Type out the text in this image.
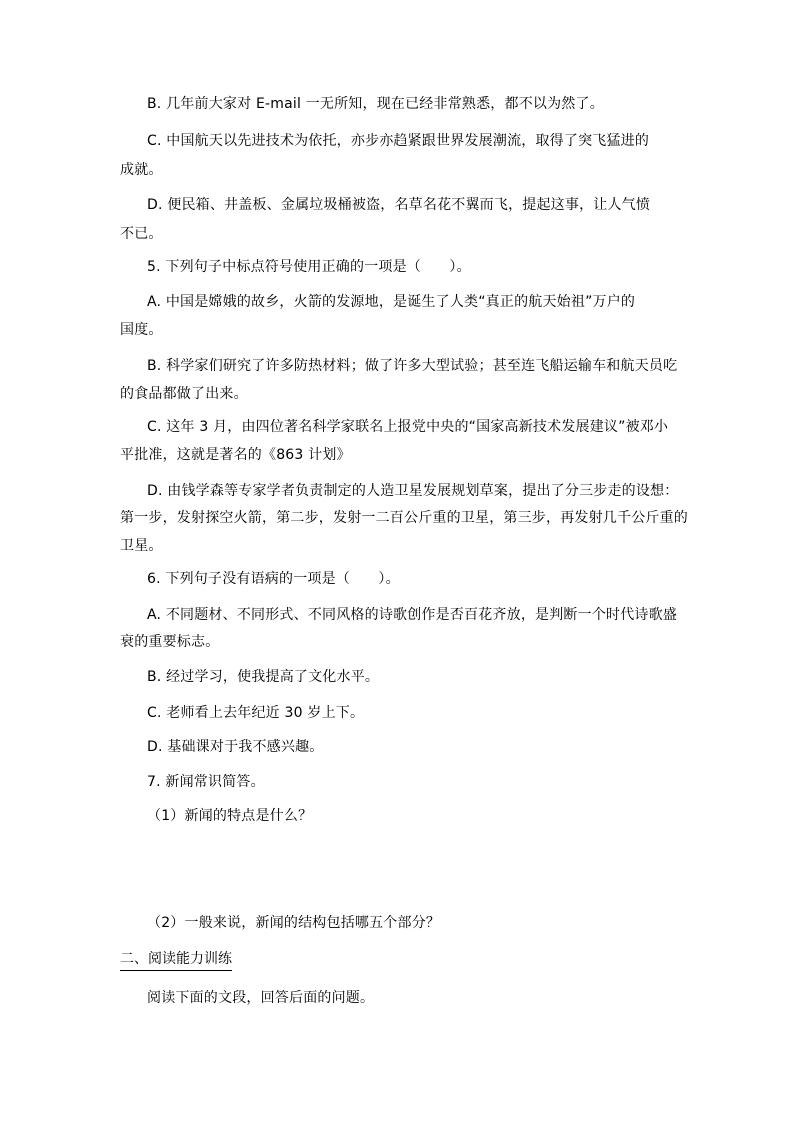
B. 几年前大家对 E-mail 一无所知，现在已经非常熟悉，都不以为然了。
C. 中国航天以先进技术为依托，亦步亦趋紧跟世界发展潮流，取得了突飞猛进的
成就。
D. 便民箱、井盖板、金属垃圾桶被盗，名草名花不翼而飞，提起这事，让人气愤
不已。
5. 下列句子中标点符号使用正确的一项是（　　）。
A. 中国是嫦娥的故乡，火箭的发源地，是诞生了人类“真正的航天始祖”万户的
国度。
B. 科学家们研究了许多防热材料；做了许多大型试验；甚至连飞船运输车和航天员吃
的食品都做了出来。
C. 这年 3 月，由四位著名科学家联名上报党中央的“国家高新技术发展建议”被邓小
平批准，这就是著名的《863 计划》
D. 由钱学森等专家学者负责制定的人造卫星发展规划草案，提出了分三步走的设想：
第一步，发射探空火箭，第二步，发射一二百公斤重的卫星，第三步，再发射几千公斤重的
卫星。
6. 下列句子没有语病的一项是（　　）。
A. 不同题材、不同形式、不同风格的诗歌创作是否百花齐放，是判断一个时代诗歌盛
衰的重要标志。
B. 经过学习，使我提高了文化水平。
C. 老师看上去年纪近 30 岁上下。
D. 基础课对于我不感兴趣。
7. 新闻常识简答。
（1）新闻的特点是什么？
（2）一般来说，新闻的结构包括哪五个部分？
二、阅读能力训练
阅读下面的文段，回答后面的问题。
